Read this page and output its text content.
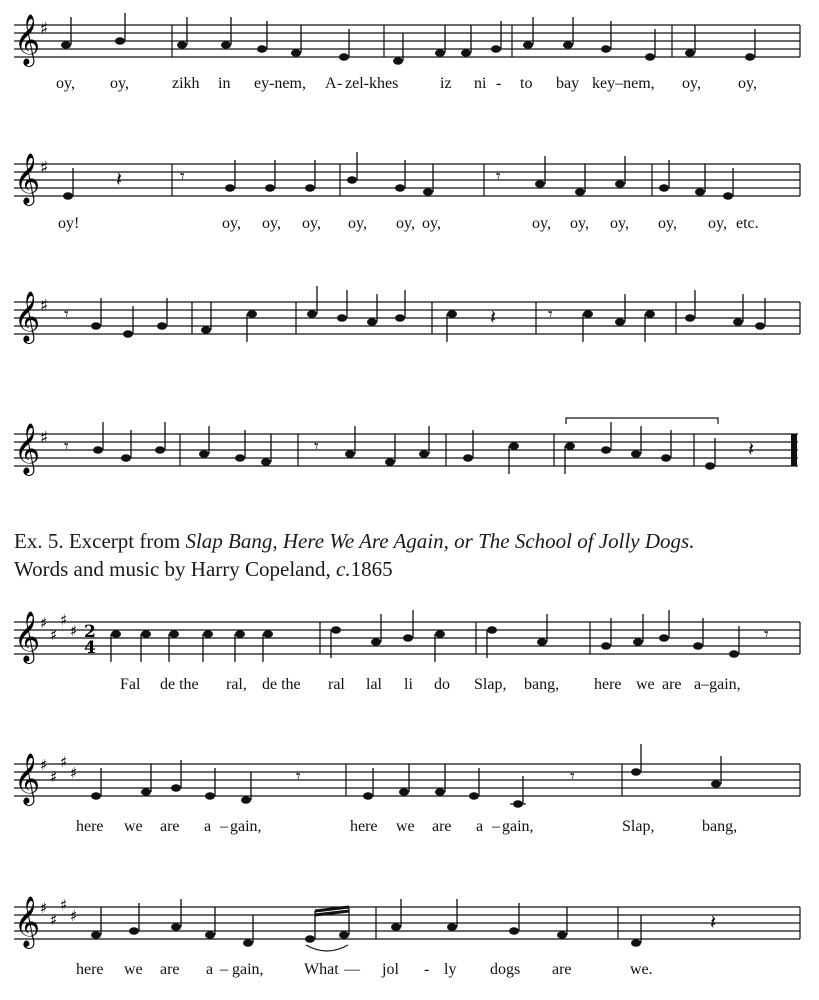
𝄞 ♯
oy, oy,	zikh in ey-nem, A - zel-khes	iz ni - to bay key–nem, oy, oy,
𝄞 ♯	𝄽	𝄾	𝄾
oy!	oy, oy, oy, oy, oy, oy,	oy, oy, oy, oy, oy, etc.
𝄞 ♯ 𝄾	𝄽	𝄾
𝄞 ♯ 𝄾	𝄾	𝄽
Ex. 5. Excerpt from Slap Bang, Here We Are Again, or The School of Jolly Dogs.
Words and music by Harry Copeland, c.1865
𝄞 ♯
♯
♯
♯ 2
4
𝄾
Fal de the ral, de the ral lal li do Slap, bang, here we are a–gain,
𝄞 ♯
♯
♯
♯	𝄾	𝄾
here we are a – gain,	here we are a – gain,	Slap,	bang,
𝄞 ♯
♯
♯
♯	𝄽
here we are a – gain,	What — jol - ly dogs are	we.
